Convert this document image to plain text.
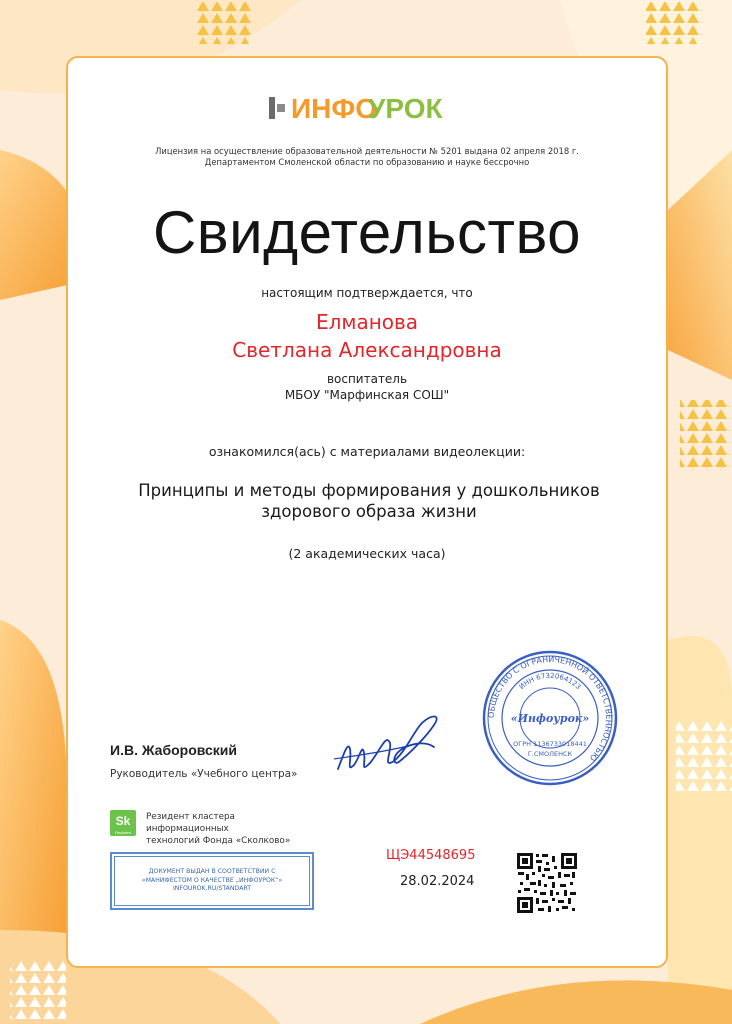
ИНФО
УРОК
Лицензия на осуществление образовательной деятельности № 5201 выдана 02 апреля 2018 г.
Департаментом Смоленской области по образованию и науке бессрочно
Свидетельство
настоящим подтверждается, что
Елманова
Светлана Александровна
воспитатель
МБОУ "Марфинская СОШ"
ознакомился(ась) с материалами видеолекции:
Принципы и методы формирования у дошкольников здорового образа жизни
(2 академических часа)
ОБЩЕСТВО С ОГРАНИЧЕННОЙ ОТВЕТСТВЕННОСТЬЮ
ИНН 6732064123
«Инфоурок»
ОГРН 1136733018441
Г.СМОЛЕНСК
И.В. Жаборовский
Руководитель «Учебного центра»
Sk
Resident
Резидент кластера информационных
технологий Фонда «Сколково»
ДОКУМЕНТ ВЫДАН В СООТВЕТСТВИИ С
«МАНИФЕСТОМ О КАЧЕСТВЕ „ИНФОУРОК“»
INFOUROK.RU/STANDART
ЩЭ44548695
28.02.2024
